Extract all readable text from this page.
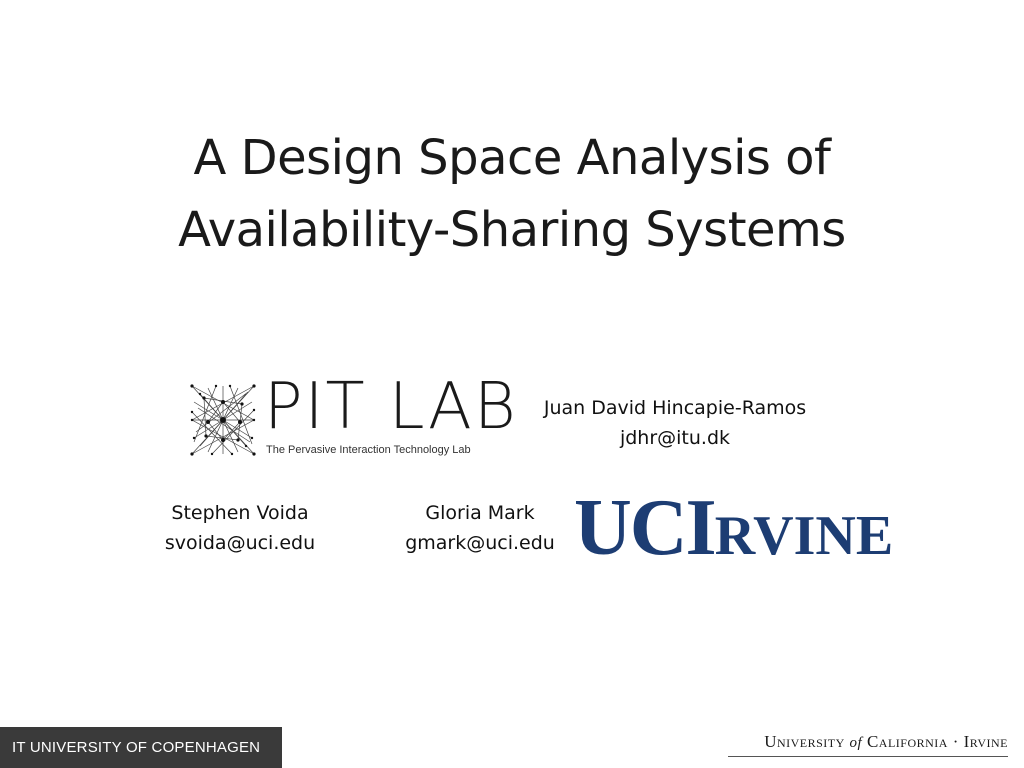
A Design Space Analysis of
Availability-Sharing Systems
PIT LAB
The Pervasive Interaction Technology Lab
Juan David Hincapie-Ramos
jdhr@itu.dk
Stephen Voida
svoida@uci.edu
Gloria Mark
gmark@uci.edu UCIRVINE
IT UNIVERSITY OF COPENHAGEN	University of California · Irvine
